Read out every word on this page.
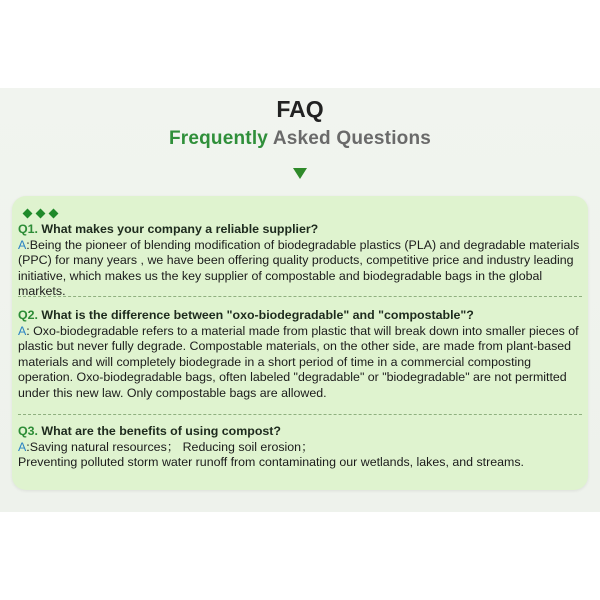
FAQ
Frequently Asked Questions
Q1. What makes your company a reliable supplier?
A:Being the pioneer of blending modification of biodegradable plastics (PLA) and degradable materials (PPC) for many years , we have been offering quality products, competitive price and industry leading initiative, which makes us the key supplier of compostable and biodegradable bags in the global markets.
Q2. What is the difference between "oxo-biodegradable" and "compostable"?
A: Oxo-biodegradable refers to a material made from plastic that will break down into smaller pieces of plastic but never fully degrade. Compostable materials, on the other side, are made from plant-based materials and will completely biodegrade in a short period of time in a commercial composting operation. Oxo-biodegradable bags, often labeled "degradable" or "biodegradable" are not permitted under this new law. Only compostable bags are allowed.
Q3. What are the benefits of using compost?
A:Saving natural resources； Reducing soil erosion；
Preventing polluted storm water runoff from contaminating our wetlands, lakes, and streams.
